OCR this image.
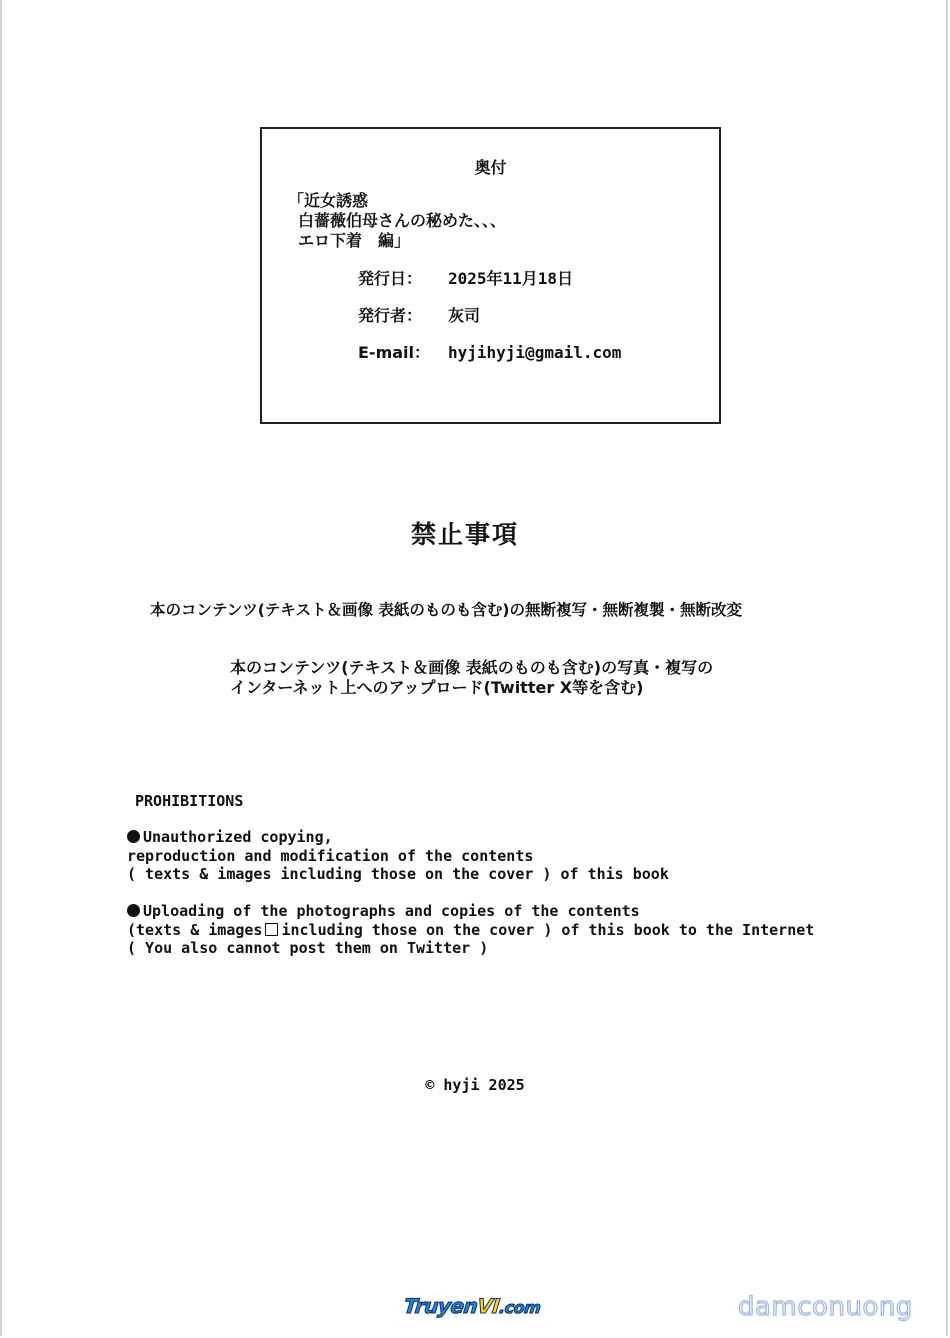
奥付
「近女誘惑
白薔薇伯母さんの秘めた、、、
エロ下着　編」
発行日： 2025年11月18日
発行者： 灰司
E-mail： hyjihyji@gmail.com
禁止事項
本のコンテンツ(テキスト＆画像 表紙のものも含む)の無断複写・無断複製・無断改変
本のコンテンツ(テキスト＆画像 表紙のものも含む)の写真・複写の
インターネット上へのアップロード(Twitter X等を含む)
PROHIBITIONS
Unauthorized copying,
reproduction and modification of the contents
( texts & images including those on the cover ) of this book
Uploading of the photographs and copies of the contents
(texts & images including those on the cover ) of this book to the Internet
( You also cannot post them on Twitter )
© hyji 2025
TruyenVI.com	damconuong
